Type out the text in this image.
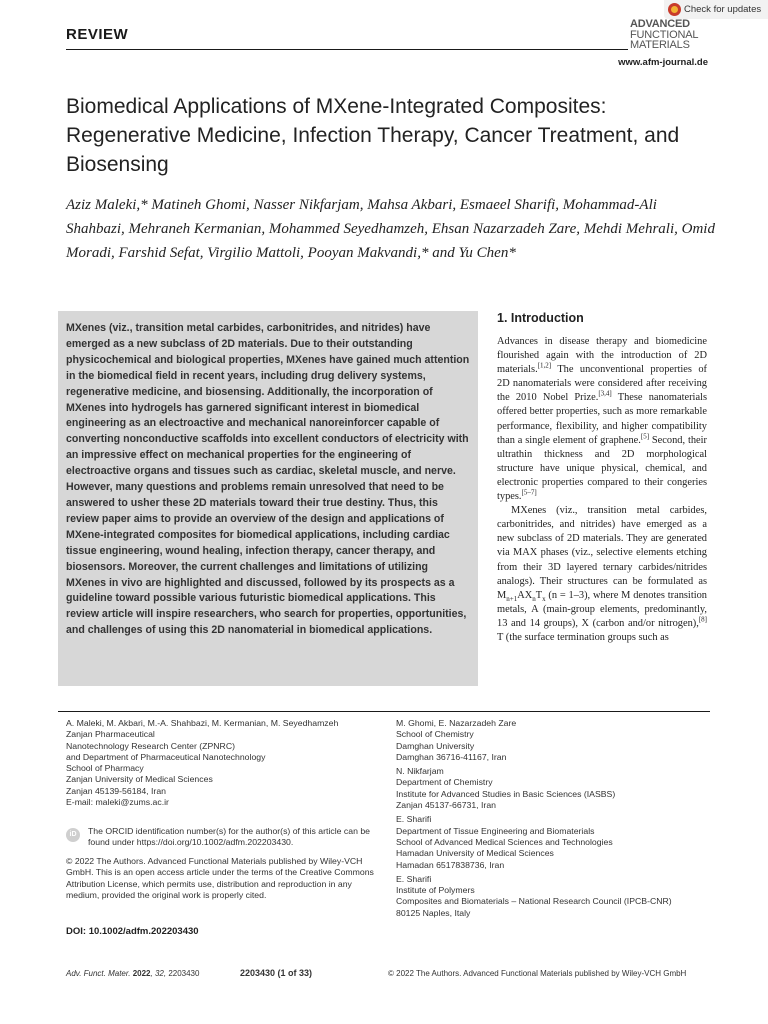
Check for updates
REVIEW
ADVANCED
FUNCTIONAL
MATERIALS
www.afm-journal.de
Biomedical Applications of MXene-Integrated Composites: Regenerative Medicine, Infection Therapy, Cancer Treatment, and Biosensing
Aziz Maleki,* Matineh Ghomi, Nasser Nikfarjam, Mahsa Akbari, Esmaeel Sharifi, Mohammad-Ali Shahbazi, Mehraneh Kermanian, Mohammed Seyedhamzeh, Ehsan Nazarzadeh Zare, Mehdi Mehrali, Omid Moradi, Farshid Sefat, Virgilio Mattoli, Pooyan Makvandi,* and Yu Chen*
MXenes (viz., transition metal carbides, carbonitrides, and nitrides) have emerged as a new subclass of 2D materials. Due to their outstanding physicochemical and biological properties, MXenes have gained much attention in the biomedical field in recent years, including drug delivery systems, regenerative medicine, and biosensing. Additionally, the incorporation of MXenes into hydrogels has garnered significant interest in biomedical engineering as an electroactive and mechanical nanoreinforcer capable of converting nonconductive scaffolds into excellent conductors of electricity with an impressive effect on mechanical properties for the engineering of electroactive organs and tissues such as cardiac, skeletal muscle, and nerve. However, many questions and problems remain unresolved that need to be answered to usher these 2D materials toward their true destiny. Thus, this review paper aims to provide an overview of the design and applications of MXene-integrated composites for biomedical applications, including cardiac tissue engineering, wound healing, infection therapy, cancer therapy, and biosensors. Moreover, the current challenges and limitations of utilizing MXenes in vivo are highlighted and discussed, followed by its prospects as a guideline toward possible various futuristic biomedical applications. This review article will inspire researchers, who search for properties, opportunities, and challenges of using this 2D nanomaterial in biomedical applications.
1. Introduction

Advances in disease therapy and biomedicine flourished again with the introduction of 2D materials.[1,2] The unconventional properties of 2D nanomaterials were considered after receiving the 2010 Nobel Prize.[3,4] These nanomaterials offered better properties, such as more remarkable performance, flexibility, and higher compatibility than a single element of graphene.[5] Second, their ultrathin thickness and 2D morphological structure have unique physical, chemical, and electronic properties compared to their congeries types.[5–7]

MXenes (viz., transition metal carbides, carbonitrides, and nitrides) have emerged as a new subclass of 2D materials. They are generated via MAX phases (viz., selective elements etching from their 3D layered ternary carbides/nitrides analogs). Their structures can be formulated as $M_{n+1}AX_nT_x$ (n = 1–3), where M denotes transition metals, A (main-group elements, predominantly, 13 and 14 groups), X (carbon and/or nitrogen),[8] T (the surface termination groups such as

A. Maleki, M. Akbari, M.-A. Shahbazi, M. Kermanian, M. Seyedhamzeh
Zanjan Pharmaceutical
Nanotechnology Research Center (ZPNRC)
and Department of Pharmaceutical Nanotechnology
School of Pharmacy
Zanjan University of Medical Sciences
Zanjan 45139-56184, Iran
E-mail: maleki@zums.ac.ir
iD	The ORCID identification number(s) for the author(s) of this article can be found under https://doi.org/10.1002/adfm.202203430.
© 2022 The Authors. Advanced Functional Materials published by Wiley-VCH GmbH. This is an open access article under the terms of the Creative Commons Attribution License, which permits use, distribution and reproduction in any medium, provided the original work is properly cited.
DOI: 10.1002/adfm.202203430
M. Ghomi, E. Nazarzadeh Zare
School of Chemistry
Damghan University
Damghan 36716-41167, Iran
N. Nikfarjam
Department of Chemistry
Institute for Advanced Studies in Basic Sciences (IASBS)
Zanjan 45137-66731, Iran
E. Sharifi
Department of Tissue Engineering and Biomaterials
School of Advanced Medical Sciences and Technologies
Hamadan University of Medical Sciences
Hamadan 6517838736, Iran
E. Sharifi
Institute of Polymers
Composites and Biomaterials – National Research Council (IPCB-CNR)
80125 Naples, Italy
Adv. Funct. Mater. 2022, 32, 2203430	2203430 (1 of 33)	© 2022 The Authors. Advanced Functional Materials published by Wiley-VCH GmbH
